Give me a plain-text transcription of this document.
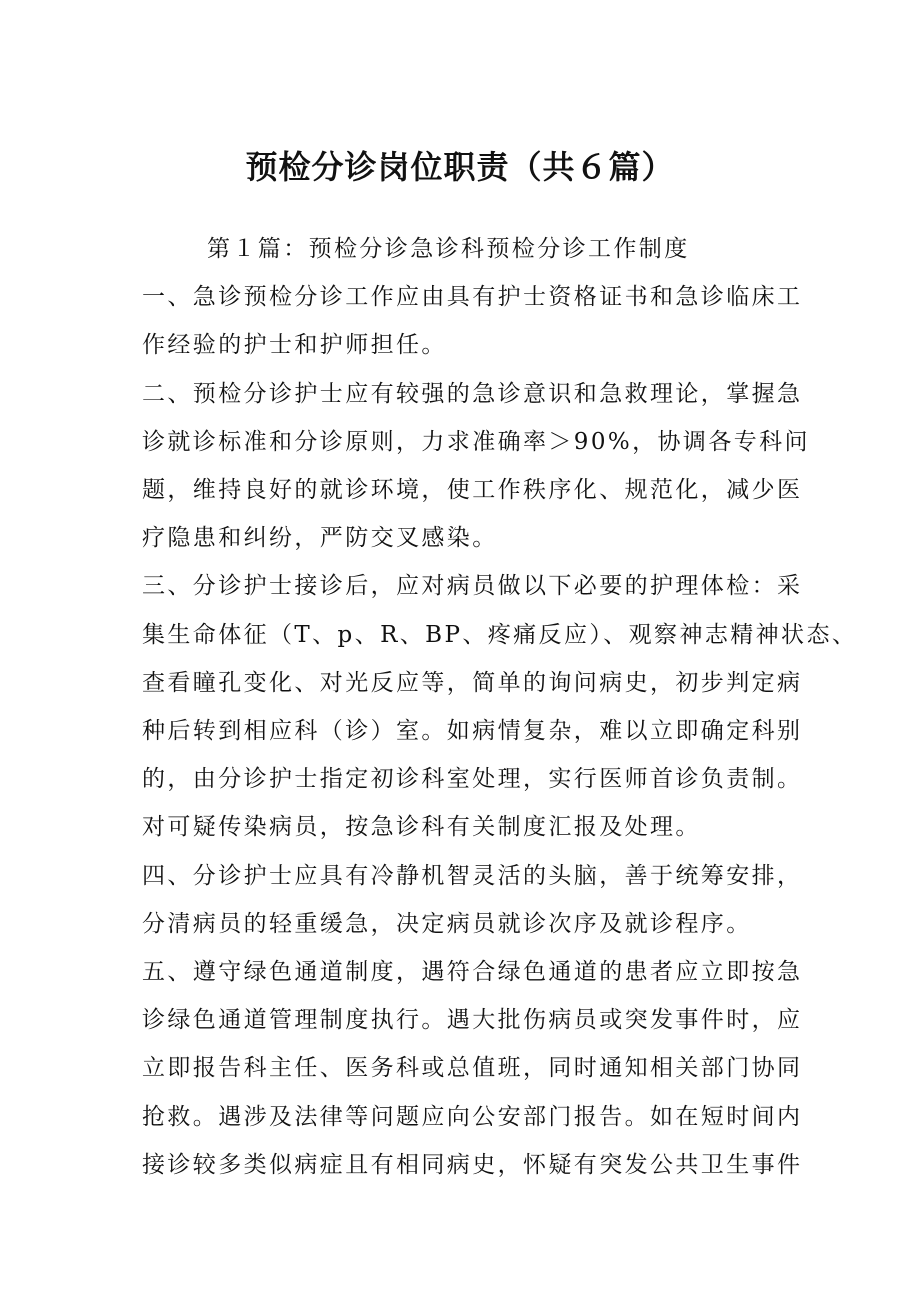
预检分诊岗位职责（共６篇）
第１篇：预检分诊急诊科预检分诊工作制度
一、急诊预检分诊工作应由具有护士资格证书和急诊临床工
作经验的护士和护师担任。
二、预检分诊护士应有较强的急诊意识和急救理论，掌握急
诊就诊标准和分诊原则，力求准确率＞90%，协调各专科问
题，维持良好的就诊环境，使工作秩序化、规范化，减少医
疗隐患和纠纷，严防交叉感染。
三、分诊护士接诊后，应对病员做以下必要的护理体检：采
集生命体征（T、p、R、BP、疼痛反应）、观察神志精神状态、
查看瞳孔变化、对光反应等，简单的询问病史，初步判定病
种后转到相应科（诊）室。如病情复杂，难以立即确定科别
的，由分诊护士指定初诊科室处理，实行医师首诊负责制。
对可疑传染病员，按急诊科有关制度汇报及处理。
四、分诊护士应具有冷静机智灵活的头脑，善于统筹安排，
分清病员的轻重缓急，决定病员就诊次序及就诊程序。
五、遵守绿色通道制度，遇符合绿色通道的患者应立即按急
诊绿色通道管理制度执行。遇大批伤病员或突发事件时，应
立即报告科主任、医务科或总值班，同时通知相关部门协同
抢救。遇涉及法律等问题应向公安部门报告。如在短时间内
接诊较多类似病症且有相同病史，怀疑有突发公共卫生事件
